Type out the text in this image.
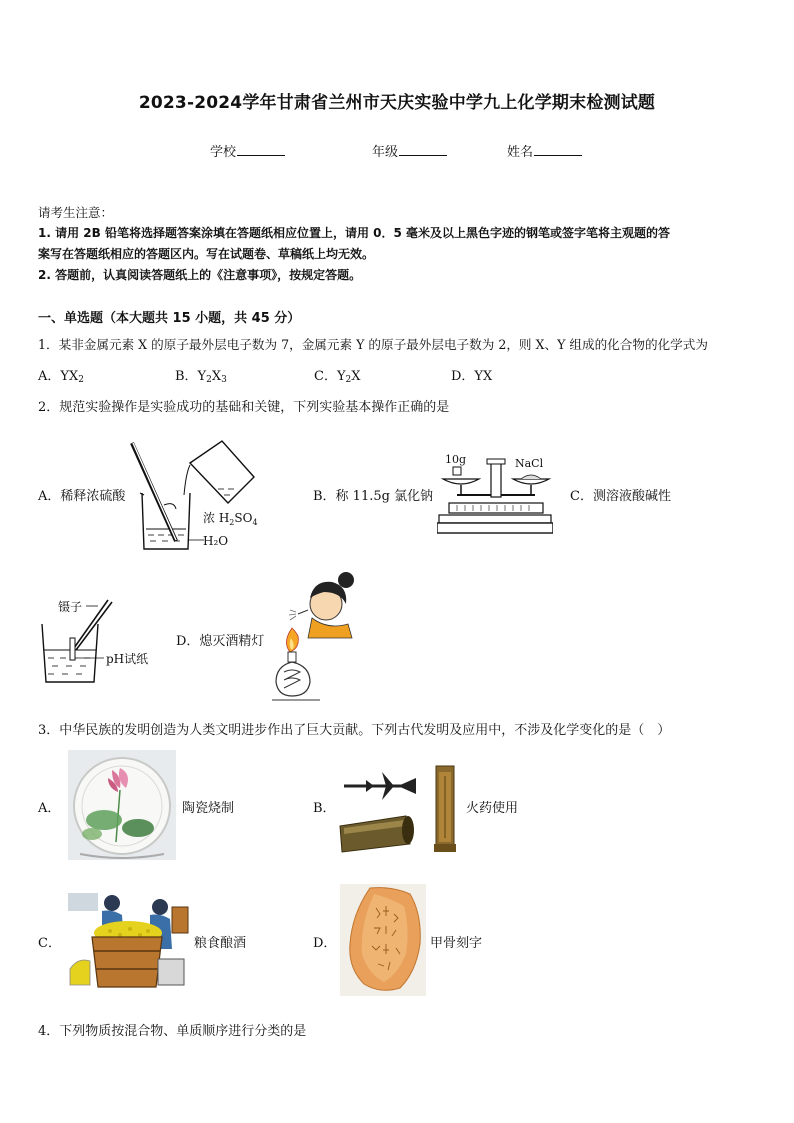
2023-2024学年甘肃省兰州市天庆实验中学九上化学期末检测试题
学校	年级	姓名
请考生注意：
1. 请用 2B 铅笔将选择题答案涂填在答题纸相应位置上，请用 0．5 毫米及以上黑色字迹的钢笔或签字笔将主观题的答
案写在答题纸相应的答题区内。写在试题卷、草稿纸上均无效。
2. 答题前，认真阅读答题纸上的《注意事项》，按规定答题。
一、单选题（本大题共 15 小题，共 45 分）
1．某非金属元素 X 的原子最外层电子数为 7，金属元素 Y 的原子最外层电子数为 2，则 X、Y 组成的化合物的化学式为
A．$YX_2$	B．$Y_2X_3$	C．$Y_2X$	D．YX
2．规范实验操作是实验成功的基础和关键，下列实验基本操作正确的是
A．稀释浓硫酸
浓 $H_2SO_4$
H₂O
B．称 11.5g 氯化钠
10g	NaCl
C．测溶液酸碱性
镊子
pH试纸
D．熄灭酒精灯
3．中华民族的发明创造为人类文明进步作出了巨大贡献。下列古代发明及应用中，不涉及化学变化的是（　）
A．	陶瓷烧制	B．	火药使用
C．	粮食酿酒	D．	甲骨刻字
4．下列物质按混合物、单质顺序进行分类的是
